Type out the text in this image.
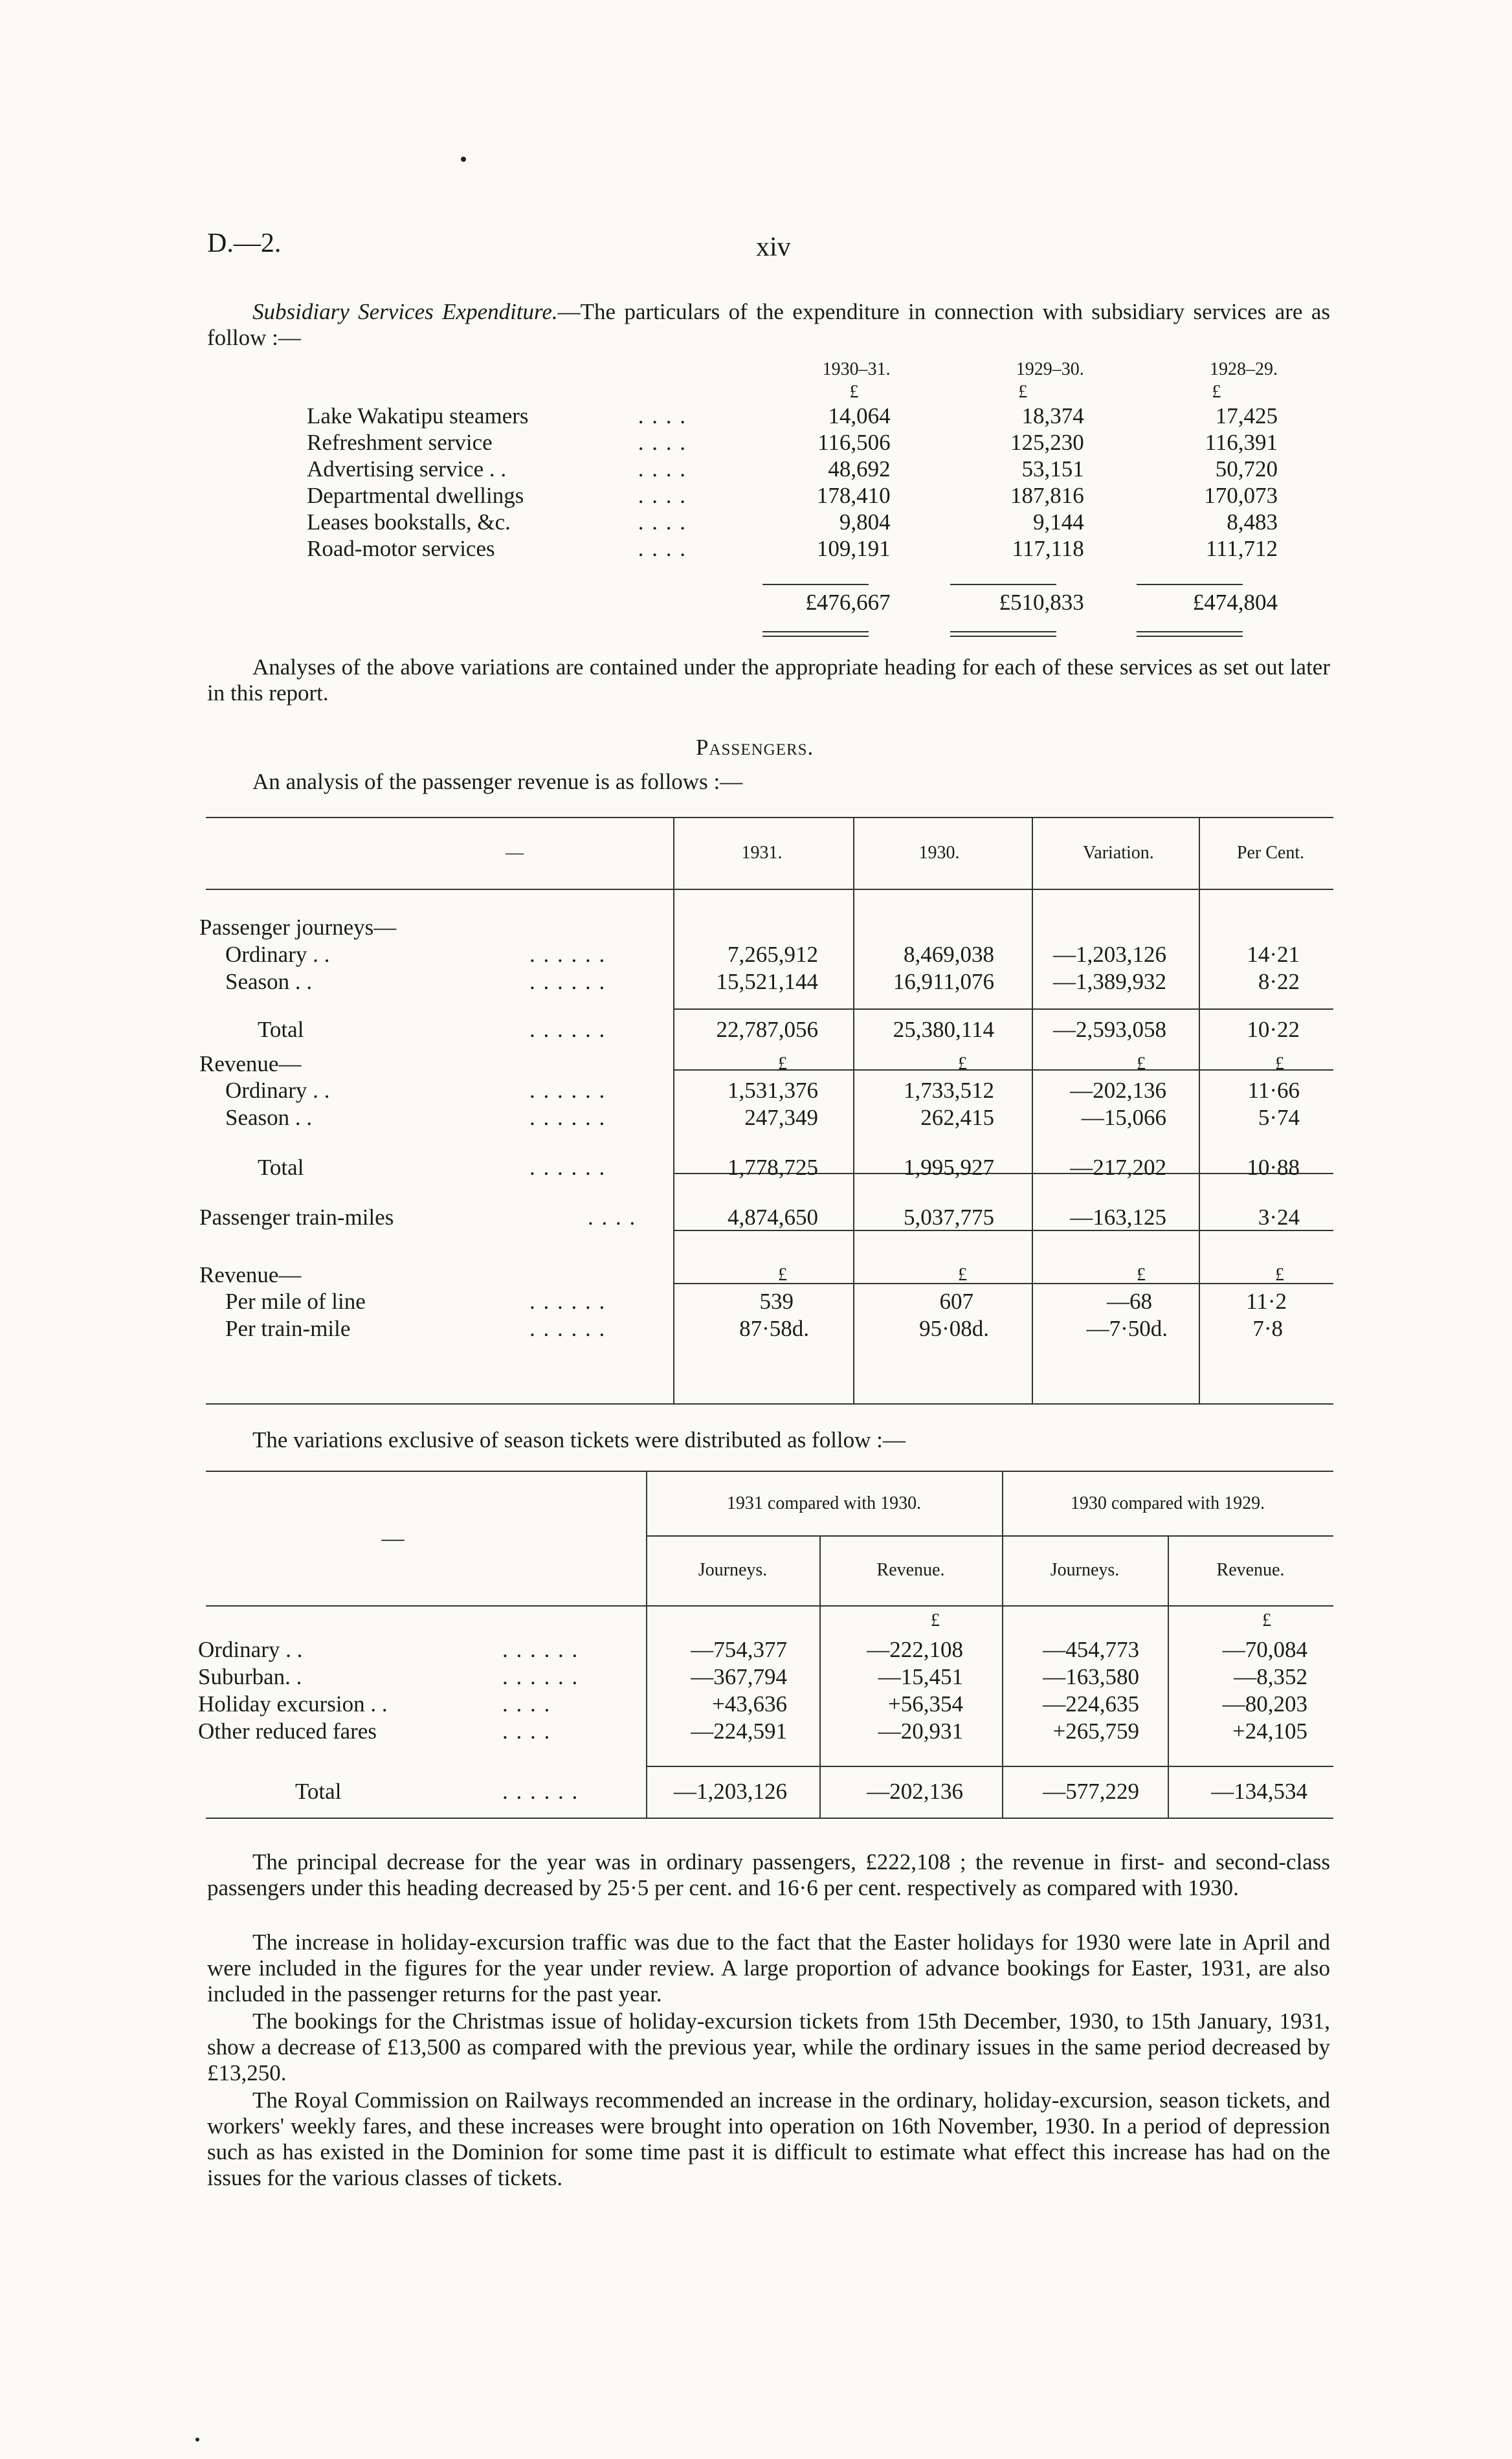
D.—2.	xiv

Subsidiary Services Expenditure.—The particulars of the expenditure in connection with subsidiary services are as follow :—

		1930–31.	1929–30.	1928–29.
		£	£	£
Lake Wakatipu steamers	. . . .	14,064	18,374	17,425
Refreshment service	. . . .	116,506	125,230	116,391
Advertising service . .	. . . .	48,692	53,151	50,720
Departmental dwellings	. . . .	178,410	187,816	170,073
Leases bookstalls, &c.	. . . .	9,804	9,144	8,483
Road-motor services	. . . .	109,191	117,118	111,712

		£476,667	£510,833	£474,804

Analyses of the above variations are contained under the appropriate heading for each of these services as set out later in this report.

Passengers.
An analysis of the passenger revenue is as follows :—
—		1931.	1930.	Variation.	Per Cent.

Passenger journeys—					
Ordinary . .	. . . . . .	7,265,912	8,469,038	—1,203,126	14·21
Season . .	. . . . . .	15,521,144	16,911,076	—1,389,932	8·22

Total	. . . . . .	22,787,056	25,380,114	—2,593,058	10·22
Revenue—		£	£	£	£
Ordinary . .	. . . . . .	1,531,376	1,733,512	—202,136	11·66
Season . .	. . . . . .	247,349	262,415	—15,066	5·74

Total	. . . . . .	1,778,725	1,995,927	—217,202	10·88
Passenger train-miles	. . . .	4,874,650	5,037,775	—163,125	3·24

Revenue—		£	£	£	£
Per mile of line	. . . . . .	539	607	—68	11·2
Per train-mile	. . . . . .	87·58d.	95·08d.	—7·50d.	7·8
The variations exclusive of season tickets were distributed as follow :—
—		1931 compared with 1930.		1930 compared with 1929.	
		Journeys.	Revenue.	Journeys.	Revenue.
			£		£
Ordinary . .	. . . . . .	—754,377	—222,108	—454,773	—70,084
Suburban. .	. . . . . .	—367,794	—15,451	—163,580	—8,352
Holiday excursion . .	. . . .	+43,636	+56,354	—224,635	—80,203
Other reduced fares	. . . .	—224,591	—20,931	+265,759	+24,105

Total	. . . . . .	—1,203,126	—202,136	—577,229	—134,534

The principal decrease for the year was in ordinary passengers, £222,108 ; the revenue in first- and second-class passengers under this heading decreased by 25·5 per cent. and 16·6 per cent. respectively as compared with 1930.

The increase in holiday-excursion traffic was due to the fact that the Easter holidays for 1930 were late in April and were included in the figures for the year under review. A large proportion of advance bookings for Easter, 1931, are also included in the passenger returns for the past year.

The bookings for the Christmas issue of holiday-excursion tickets from 15th December, 1930, to 15th January, 1931, show a decrease of £13,500 as compared with the previous year, while the ordinary issues in the same period decreased by £13,250.

The Royal Commission on Railways recommended an increase in the ordinary, holiday-excursion, season tickets, and workers' weekly fares, and these increases were brought into operation on 16th November, 1930. In a period of depression such as has existed in the Dominion for some time past it is difficult to estimate what effect this increase has had on the issues for the various classes of tickets.
